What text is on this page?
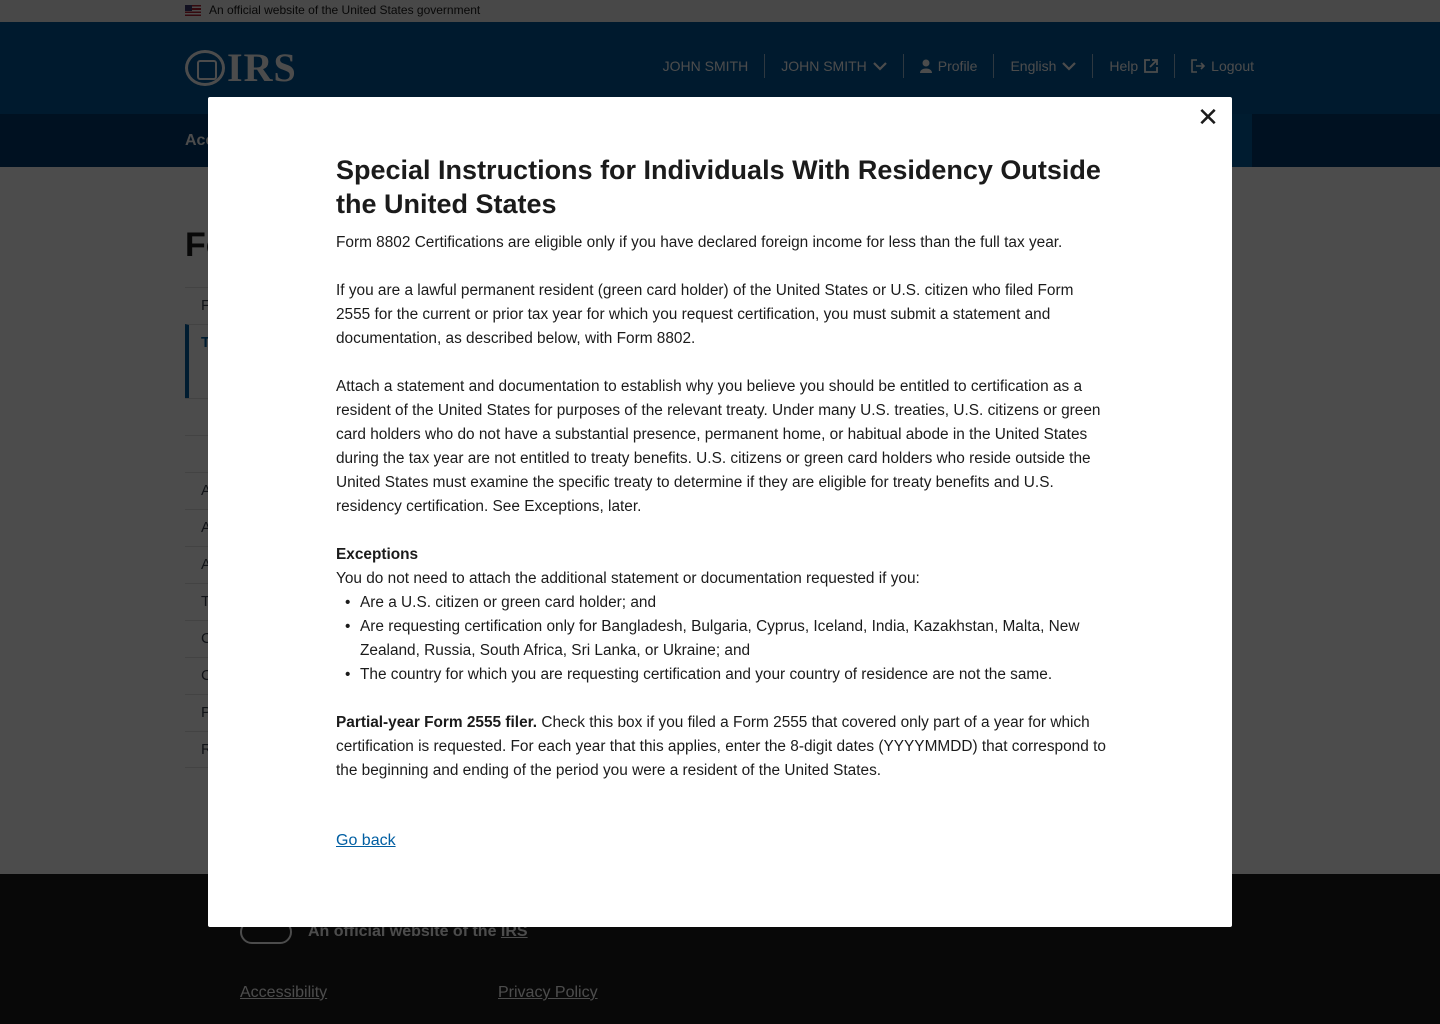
✕
Special Instructions for Individuals With Residency Outside the United States

Form 8802 Certifications are eligible only if you have declared foreign income for less than the full tax year.

If you are a lawful permanent resident (green card holder) of the United States or U.S. citizen who filed Form 2555 for the current or prior tax year for which you request certification, you must submit a statement and documentation, as described below, with Form 8802.

Attach a statement and documentation to establish why you believe you should be entitled to certification as a resident of the United States for purposes of the relevant treaty. Under many U.S. treaties, U.S. citizens or green card holders who do not have a substantial presence, permanent home, or habitual abode in the United States during the tax year are not entitled to treaty benefits. U.S. citizens or green card holders who reside outside the United States must examine the specific treaty to determine if they are eligible for treaty benefits and U.S. residency certification. See Exceptions, later.

Exceptions

You do not need to attach the additional statement or documentation requested if you:

• Are a U.S. citizen or green card holder; and
• Are requesting certification only for Bangladesh, Bulgaria, Cyprus, Iceland, India, Kazakhstan, Malta, New Zealand, Russia, South Africa, Sri Lanka, or Ukraine; and
• The country for which you are requesting certification and your country of residence are not the same.

Partial-year Form 2555 filer. Check this box if you filed a Form 2555 that covered only part of a year for which certification is requested. For each year that this applies, enter the 8-digit dates (YYYYMMDD) that correspond to the beginning and ending of the period you were a resident of the United States.

Go back
